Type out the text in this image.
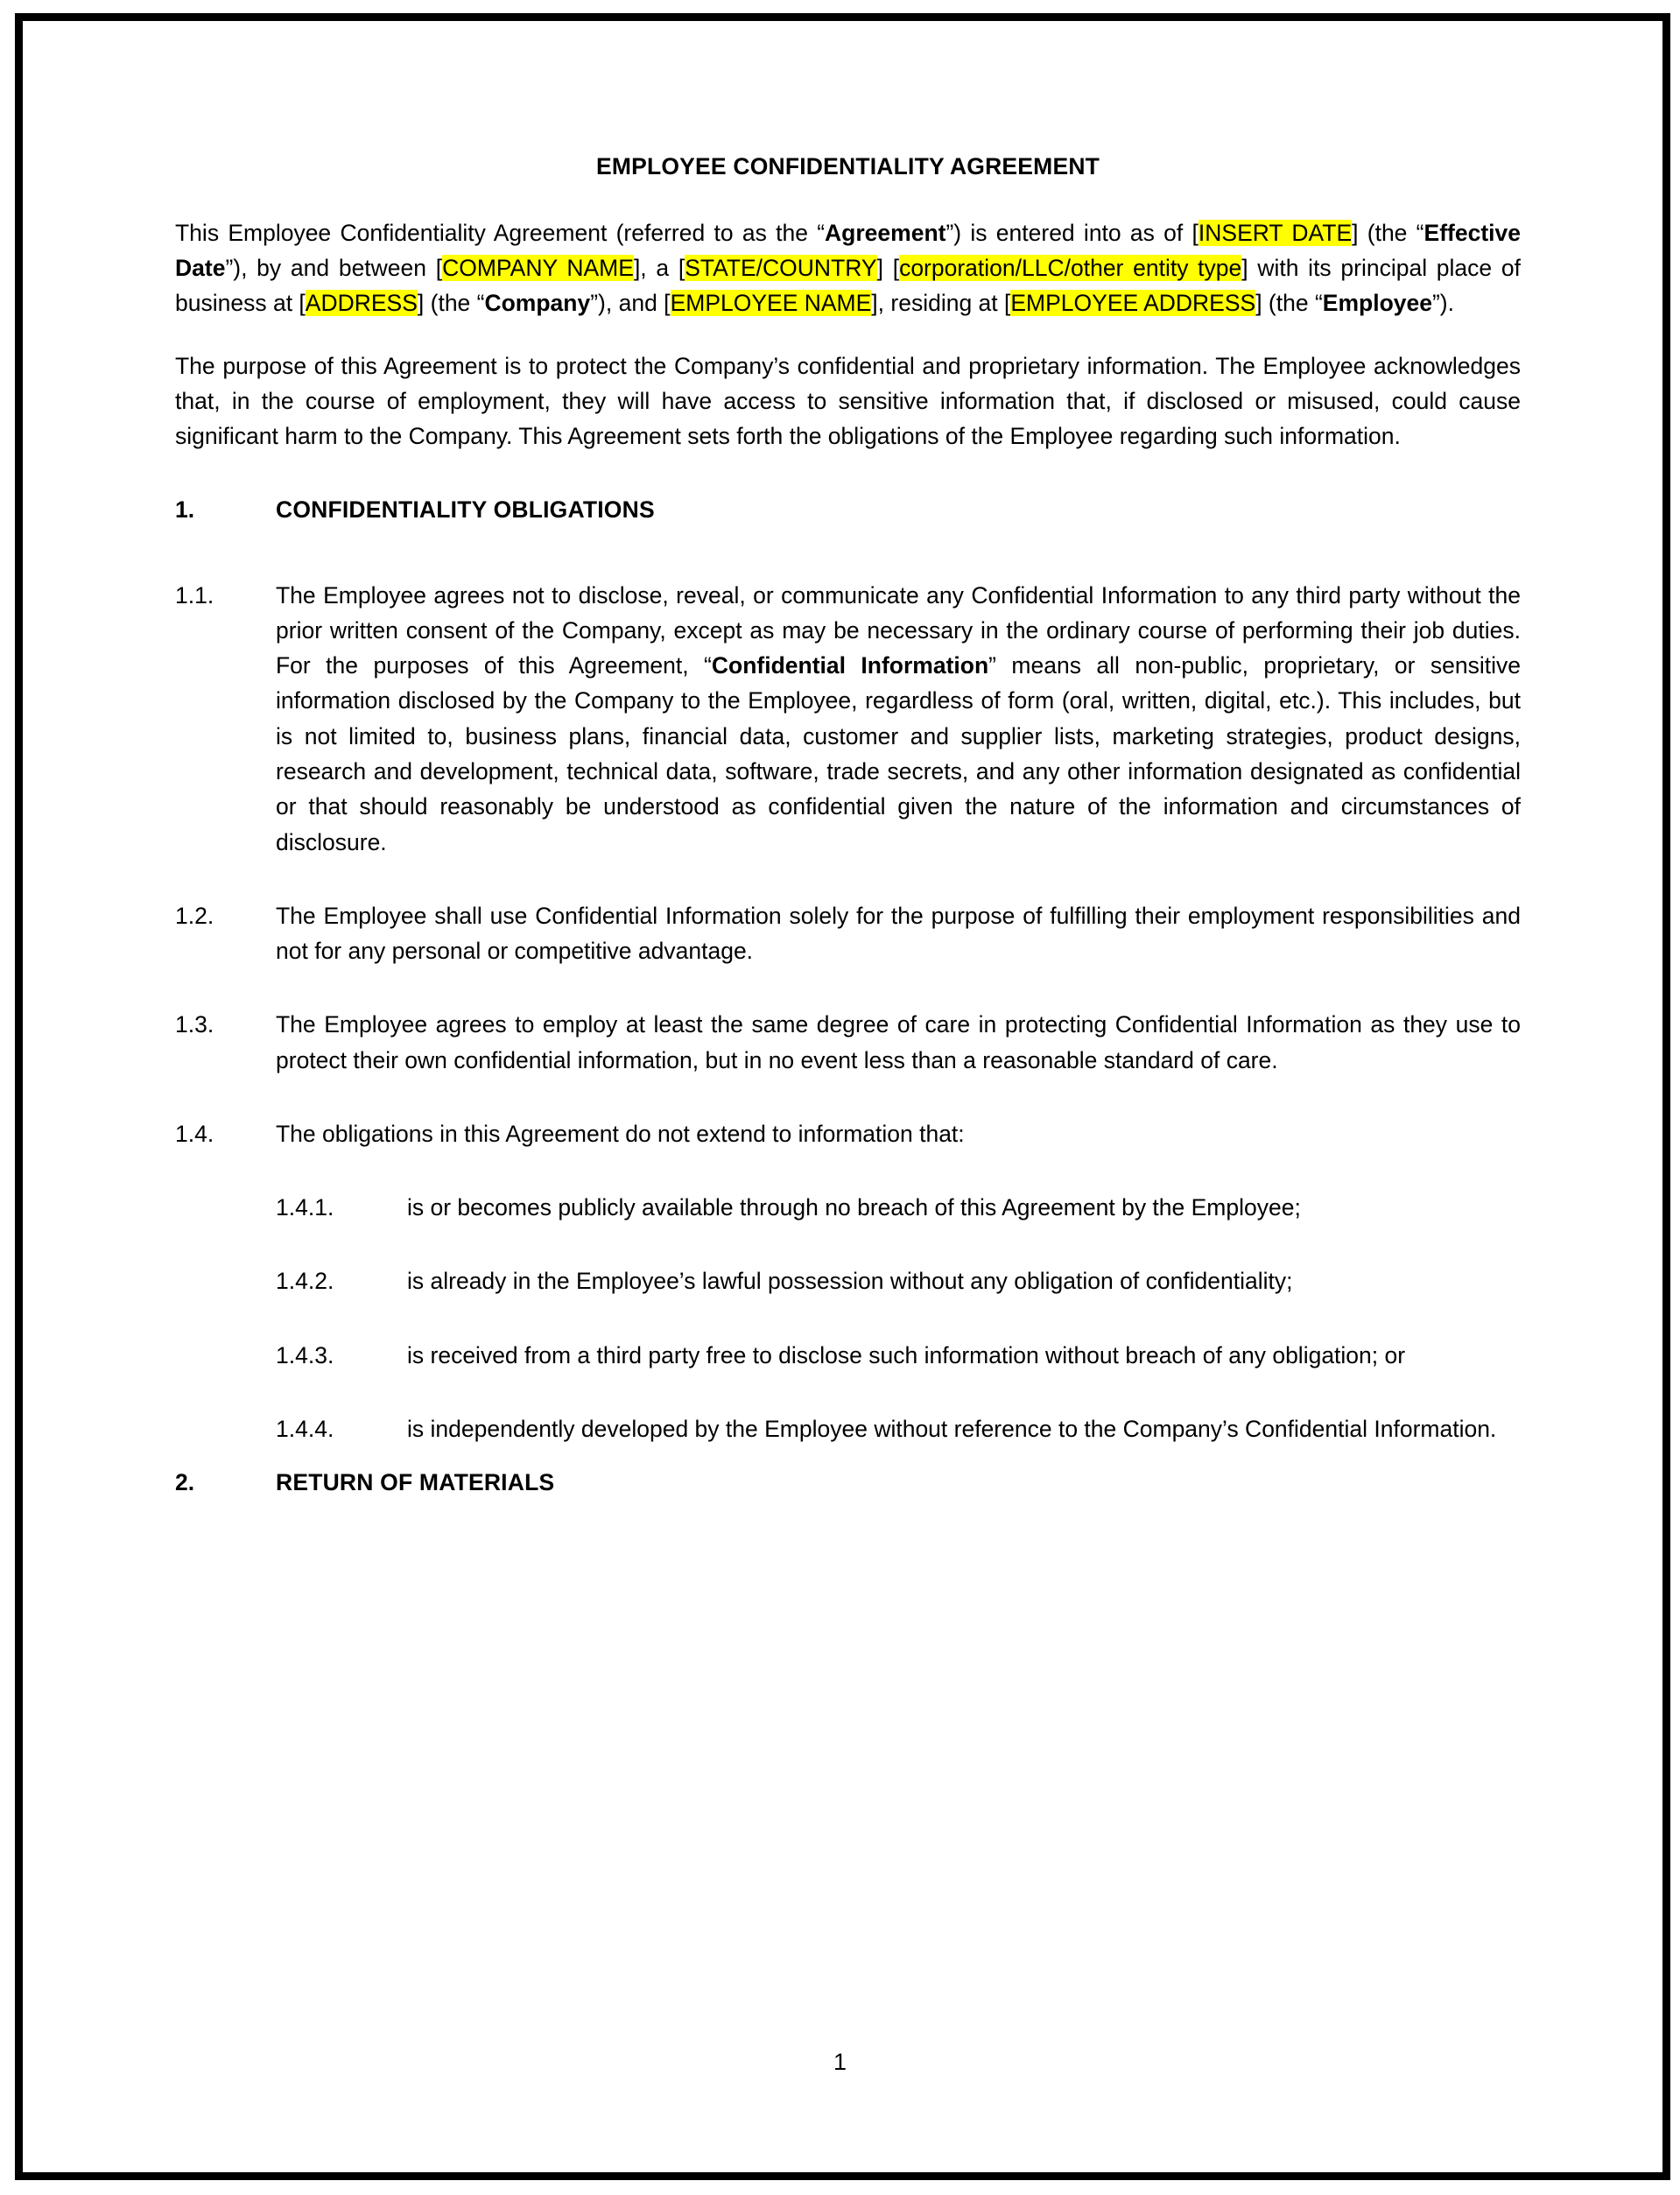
EMPLOYEE CONFIDENTIALITY AGREEMENT

This Employee Confidentiality Agreement (referred to as the “Agreement”) is entered into as of [INSERT DATE] (the “Effective Date”), by and between [COMPANY NAME], a [STATE/COUNTRY] [corporation/LLC/other entity type] with its principal place of business at [ADDRESS] (the “Company”), and [EMPLOYEE NAME], residing at [EMPLOYEE ADDRESS] (the “Employee”).

The purpose of this Agreement is to protect the Company’s confidential and proprietary information. The Employee acknowledges that, in the course of employment, they will have access to sensitive information that, if disclosed or misused, could cause significant harm to the Company. This Agreement sets forth the obligations of the Employee regarding such information.

1.	CONFIDENTIALITY OBLIGATIONS
1.1.	The Employee agrees not to disclose, reveal, or communicate any Confidential Information to any third party without the prior written consent of the Company, except as may be necessary in the ordinary course of performing their job duties. For the purposes of this Agreement, “Confidential Information” means all non-public, proprietary, or sensitive information disclosed by the Company to the Employee, regardless of form (oral, written, digital, etc.). This includes, but is not limited to, business plans, financial data, customer and supplier lists, marketing strategies, product designs, research and development, technical data, software, trade secrets, and any other information designated as confidential or that should reasonably be understood as confidential given the nature of the information and circumstances of disclosure.
1.2.	The Employee shall use Confidential Information solely for the purpose of fulfilling their employment responsibilities and not for any personal or competitive advantage.
1.3.	The Employee agrees to employ at least the same degree of care in protecting Confidential Information as they use to protect their own confidential information, but in no event less than a reasonable standard of care.
1.4.	The obligations in this Agreement do not extend to information that:
1.4.1.	is or becomes publicly available through no breach of this Agreement by the Employee;
1.4.2.	is already in the Employee’s lawful possession without any obligation of confidentiality;
1.4.3.	is received from a third party free to disclose such information without breach of any obligation; or
1.4.4.	is independently developed by the Employee without reference to the Company’s Confidential Information.
2.	RETURN OF MATERIALS
1
